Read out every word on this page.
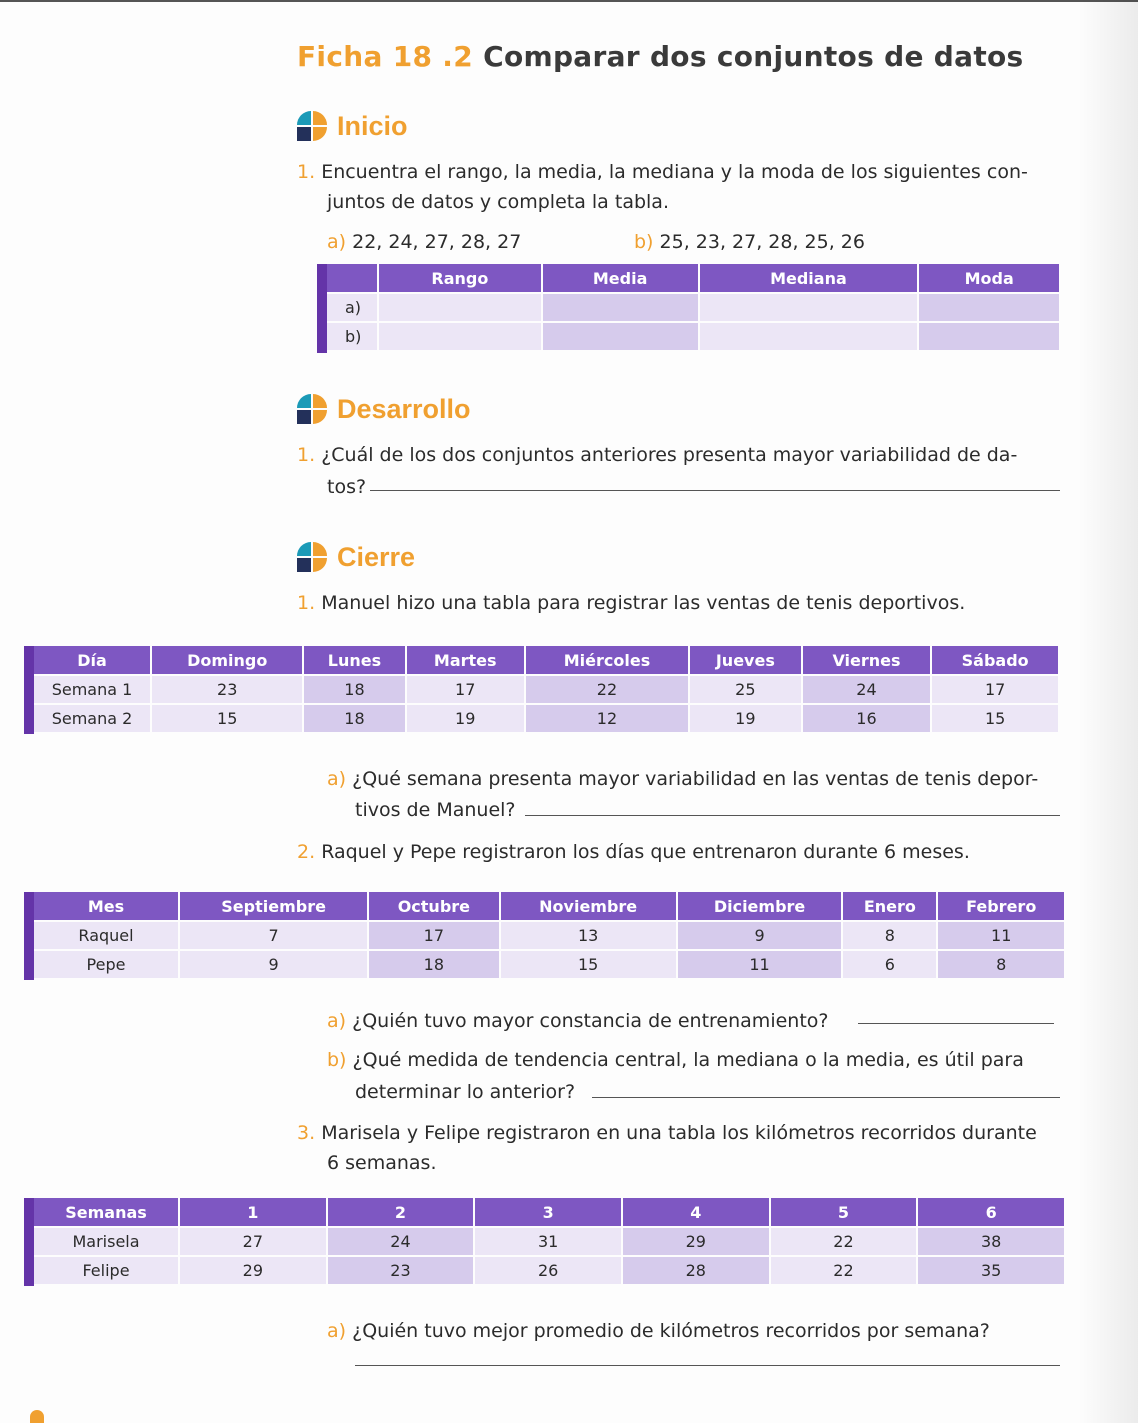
Ficha 18 .2 Comparar dos conjuntos de datos
Inicio
1. Encuentra el rango, la media, la mediana y la moda de los siguientes con-
juntos de datos y completa la tabla.
a) 22, 24, 27, 28, 27	b) 25, 23, 27, 28, 25, 26
	Rango	Media	Mediana	Moda
a)				
b)				
Desarrollo
1. ¿Cuál de los dos conjuntos anteriores presenta mayor variabilidad de da-
tos?
Cierre
1. Manuel hizo una tabla para registrar las ventas de tenis deportivos.
Día	Domingo	Lunes	Martes	Miércoles	Jueves	Viernes	Sábado
Semana 1	23	18	17	22	25	24	17
Semana 2	15	18	19	12	19	16	15
a) ¿Qué semana presenta mayor variabilidad en las ventas de tenis depor-
tivos de Manuel?
2. Raquel y Pepe registraron los días que entrenaron durante 6 meses.
Mes	Septiembre	Octubre	Noviembre	Diciembre	Enero	Febrero
Raquel	7	17	13	9	8	11
Pepe	9	18	15	11	6	8
a) ¿Quién tuvo mayor constancia de entrenamiento?
b) ¿Qué medida de tendencia central, la mediana o la media, es útil para
determinar lo anterior?
3. Marisela y Felipe registraron en una tabla los kilómetros recorridos durante
6 semanas.
Semanas	1	2	3	4	5	6
Marisela	27	24	31	29	22	38
Felipe	29	23	26	28	22	35
a) ¿Quién tuvo mejor promedio de kilómetros recorridos por semana?
